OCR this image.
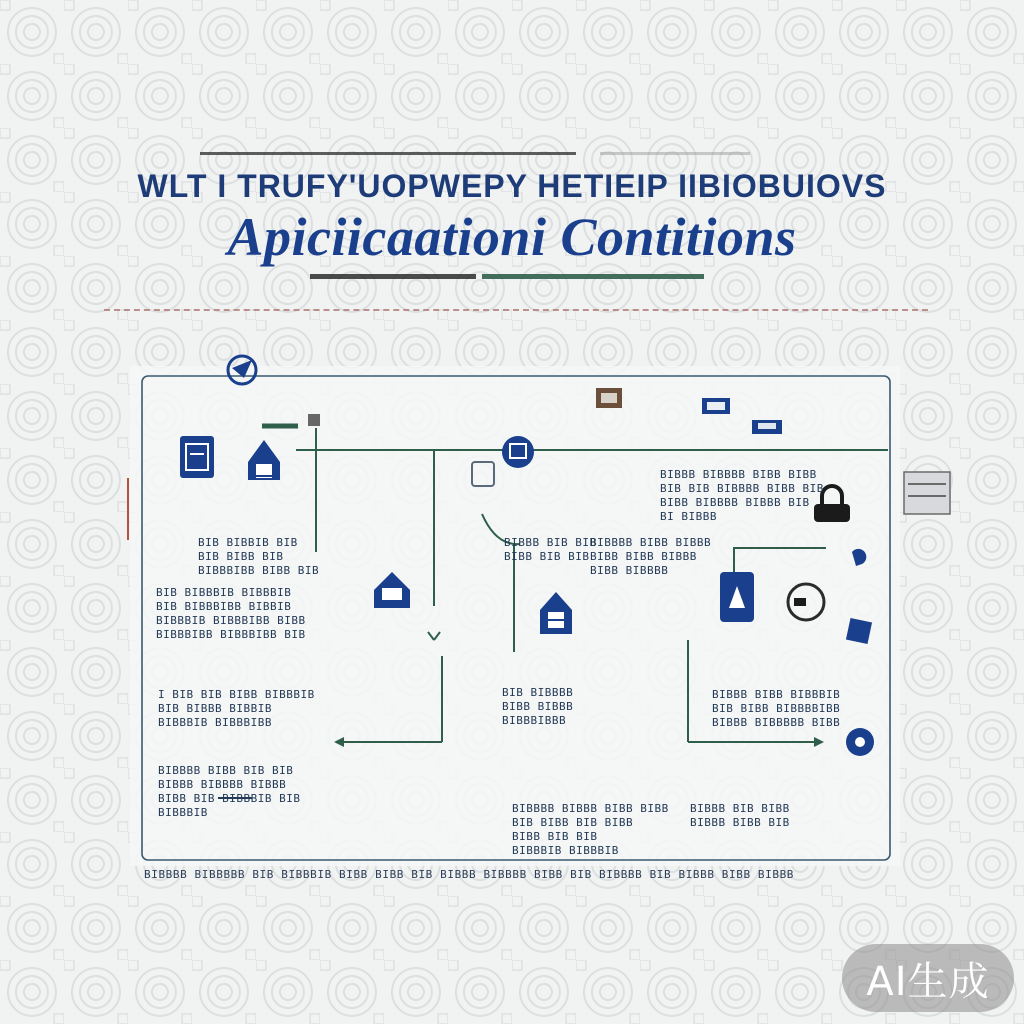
WLT I TRUFY'UOPWEPY HETIEIP IIBIOBUIOVS
Apiciicaationi Contitions

BIB BIBBIB BIB
BIB BIBB BIB
BIBBBIBB BIBB BIB

BIB BIBBBIB BIBBBIB
BIB BIBBBIBB BIBBIB
BIBBBIB BIBBBIBB BIBB
BIBBBIBB BIBBBIBB BIB

I BIB BIB BIBB BIBBBIB
BIB BIBBB BIBBIB
BIBBBIB BIBBBIBB

BIBBBB BIBB BIB BIB
BIBBB BIBBBB BIBBB
BIBB BIB BIBBBIB BIB
BIBBBIB

	BIBBBB BIBBB BIBB BIBB
BIB BIBB BIB BIBB
BIBB BIB BIB
BIBBBIB BIBBBIB

BIBBB BIB BIB
BIBB BIB BIB

BIBBBB BIBB BIBBB
BIBB BIBB BIBBB
BIBB BIBBBB

BIB BIBBBB
BIBB BIBBB
BIBBBIBBB

BIBBB BIBBBB BIBB BIBB
BIB BIB BIBBBB BIBB BIB
BIBB BIBBBB BIBBB BIB
BI BIBBB

BIBBB BIBB BIBBBIB
BIB BIBB BIBBBBIBB
BIBBB BIBBBBB BIBB

BIBBB BIB BIBB
BIBBB BIBB BIB

BIBBBB BIBBBBB BIB BIBBBIB BIBB BIBB BIB BIBBB BIBBBB BIBB BIB BIBBBB BIB BIBBB BIBB BIBBB
AI生成
